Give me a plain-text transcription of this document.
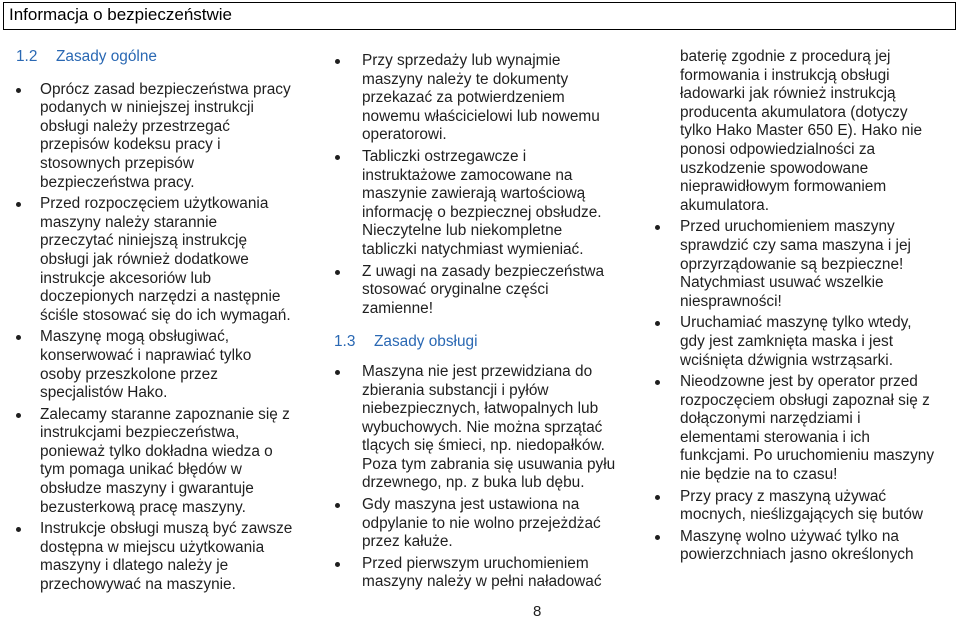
Informacja o bezpieczeństwie
1.2	Zasady ogólne
Oprócz zasad bezpieczeństwa pracy
podanych w niniejszej instrukcji
obsługi należy przestrzegać
przepisów kodeksu pracy i
stosownych przepisów
bezpieczeństwa pracy.
Przed rozpoczęciem użytkowania
maszyny należy starannie
przeczytać niniejszą instrukcję
obsługi jak również dodatkowe
instrukcje akcesoriów lub
doczepionych narzędzi a następnie
ściśle stosować się do ich wymagań.
Maszynę mogą obsługiwać,
konserwować i naprawiać tylko
osoby przeszkolone przez
specjalistów Hako.
Zalecamy staranne zapoznanie się z
instrukcjami bezpieczeństwa,
ponieważ tylko dokładna wiedza o
tym pomaga unikać błędów w
obsłudze maszyny i gwarantuje
bezusterkową pracę maszyny.
Instrukcje obsługi muszą być zawsze
dostępna w miejscu użytkowania
maszyny i dlatego należy je
przechowywać na maszynie.
Przy sprzedaży lub wynajmie
maszyny należy te dokumenty
przekazać za potwierdzeniem
nowemu właścicielowi lub nowemu
operatorowi.
Tabliczki ostrzegawcze i
instruktażowe zamocowane na
maszynie zawierają wartościową
informację o bezpiecznej obsłudze.
Nieczytelne lub niekompletne
tabliczki natychmiast wymieniać.
Z uwagi na zasady bezpieczeństwa
stosować oryginalne części
zamienne!
1.3	Zasady obsługi
Maszyna nie jest przewidziana do
zbierania substancji i pyłów
niebezpiecznych, łatwopalnych lub
wybuchowych. Nie można sprzątać
tlących się śmieci, np. niedopałków.
Poza tym zabrania się usuwania pyłu
drzewnego, np. z buka lub dębu.
Gdy maszyna jest ustawiona na
odpylanie to nie wolno przejeżdżać
przez kałuże.
Przed pierwszym uruchomieniem
maszyny należy w pełni naładować
baterię zgodnie z procedurą jej
formowania i instrukcją obsługi
ładowarki jak również instrukcją
producenta akumulatora (dotyczy
tylko Hako Master 650 E). Hako nie
ponosi odpowiedzialności za
uszkodzenie spowodowane
nieprawidłowym formowaniem
akumulatora.
Przed uruchomieniem maszyny
sprawdzić czy sama maszyna i jej
oprzyrządowanie są bezpieczne!
Natychmiast usuwać wszelkie
niesprawności!
Uruchamiać maszynę tylko wtedy,
gdy jest zamknięta maska i jest
wciśnięta dźwignia wstrząsarki.
Nieodzowne jest by operator przed
rozpoczęciem obsługi zapoznał się z
dołączonymi narzędziami i
elementami sterowania i ich
funkcjami. Po uruchomieniu maszyny
nie będzie na to czasu!
Przy pracy z maszyną używać
mocnych, nieślizgających się butów
Maszynę wolno używać tylko na
powierzchniach jasno określonych
8
